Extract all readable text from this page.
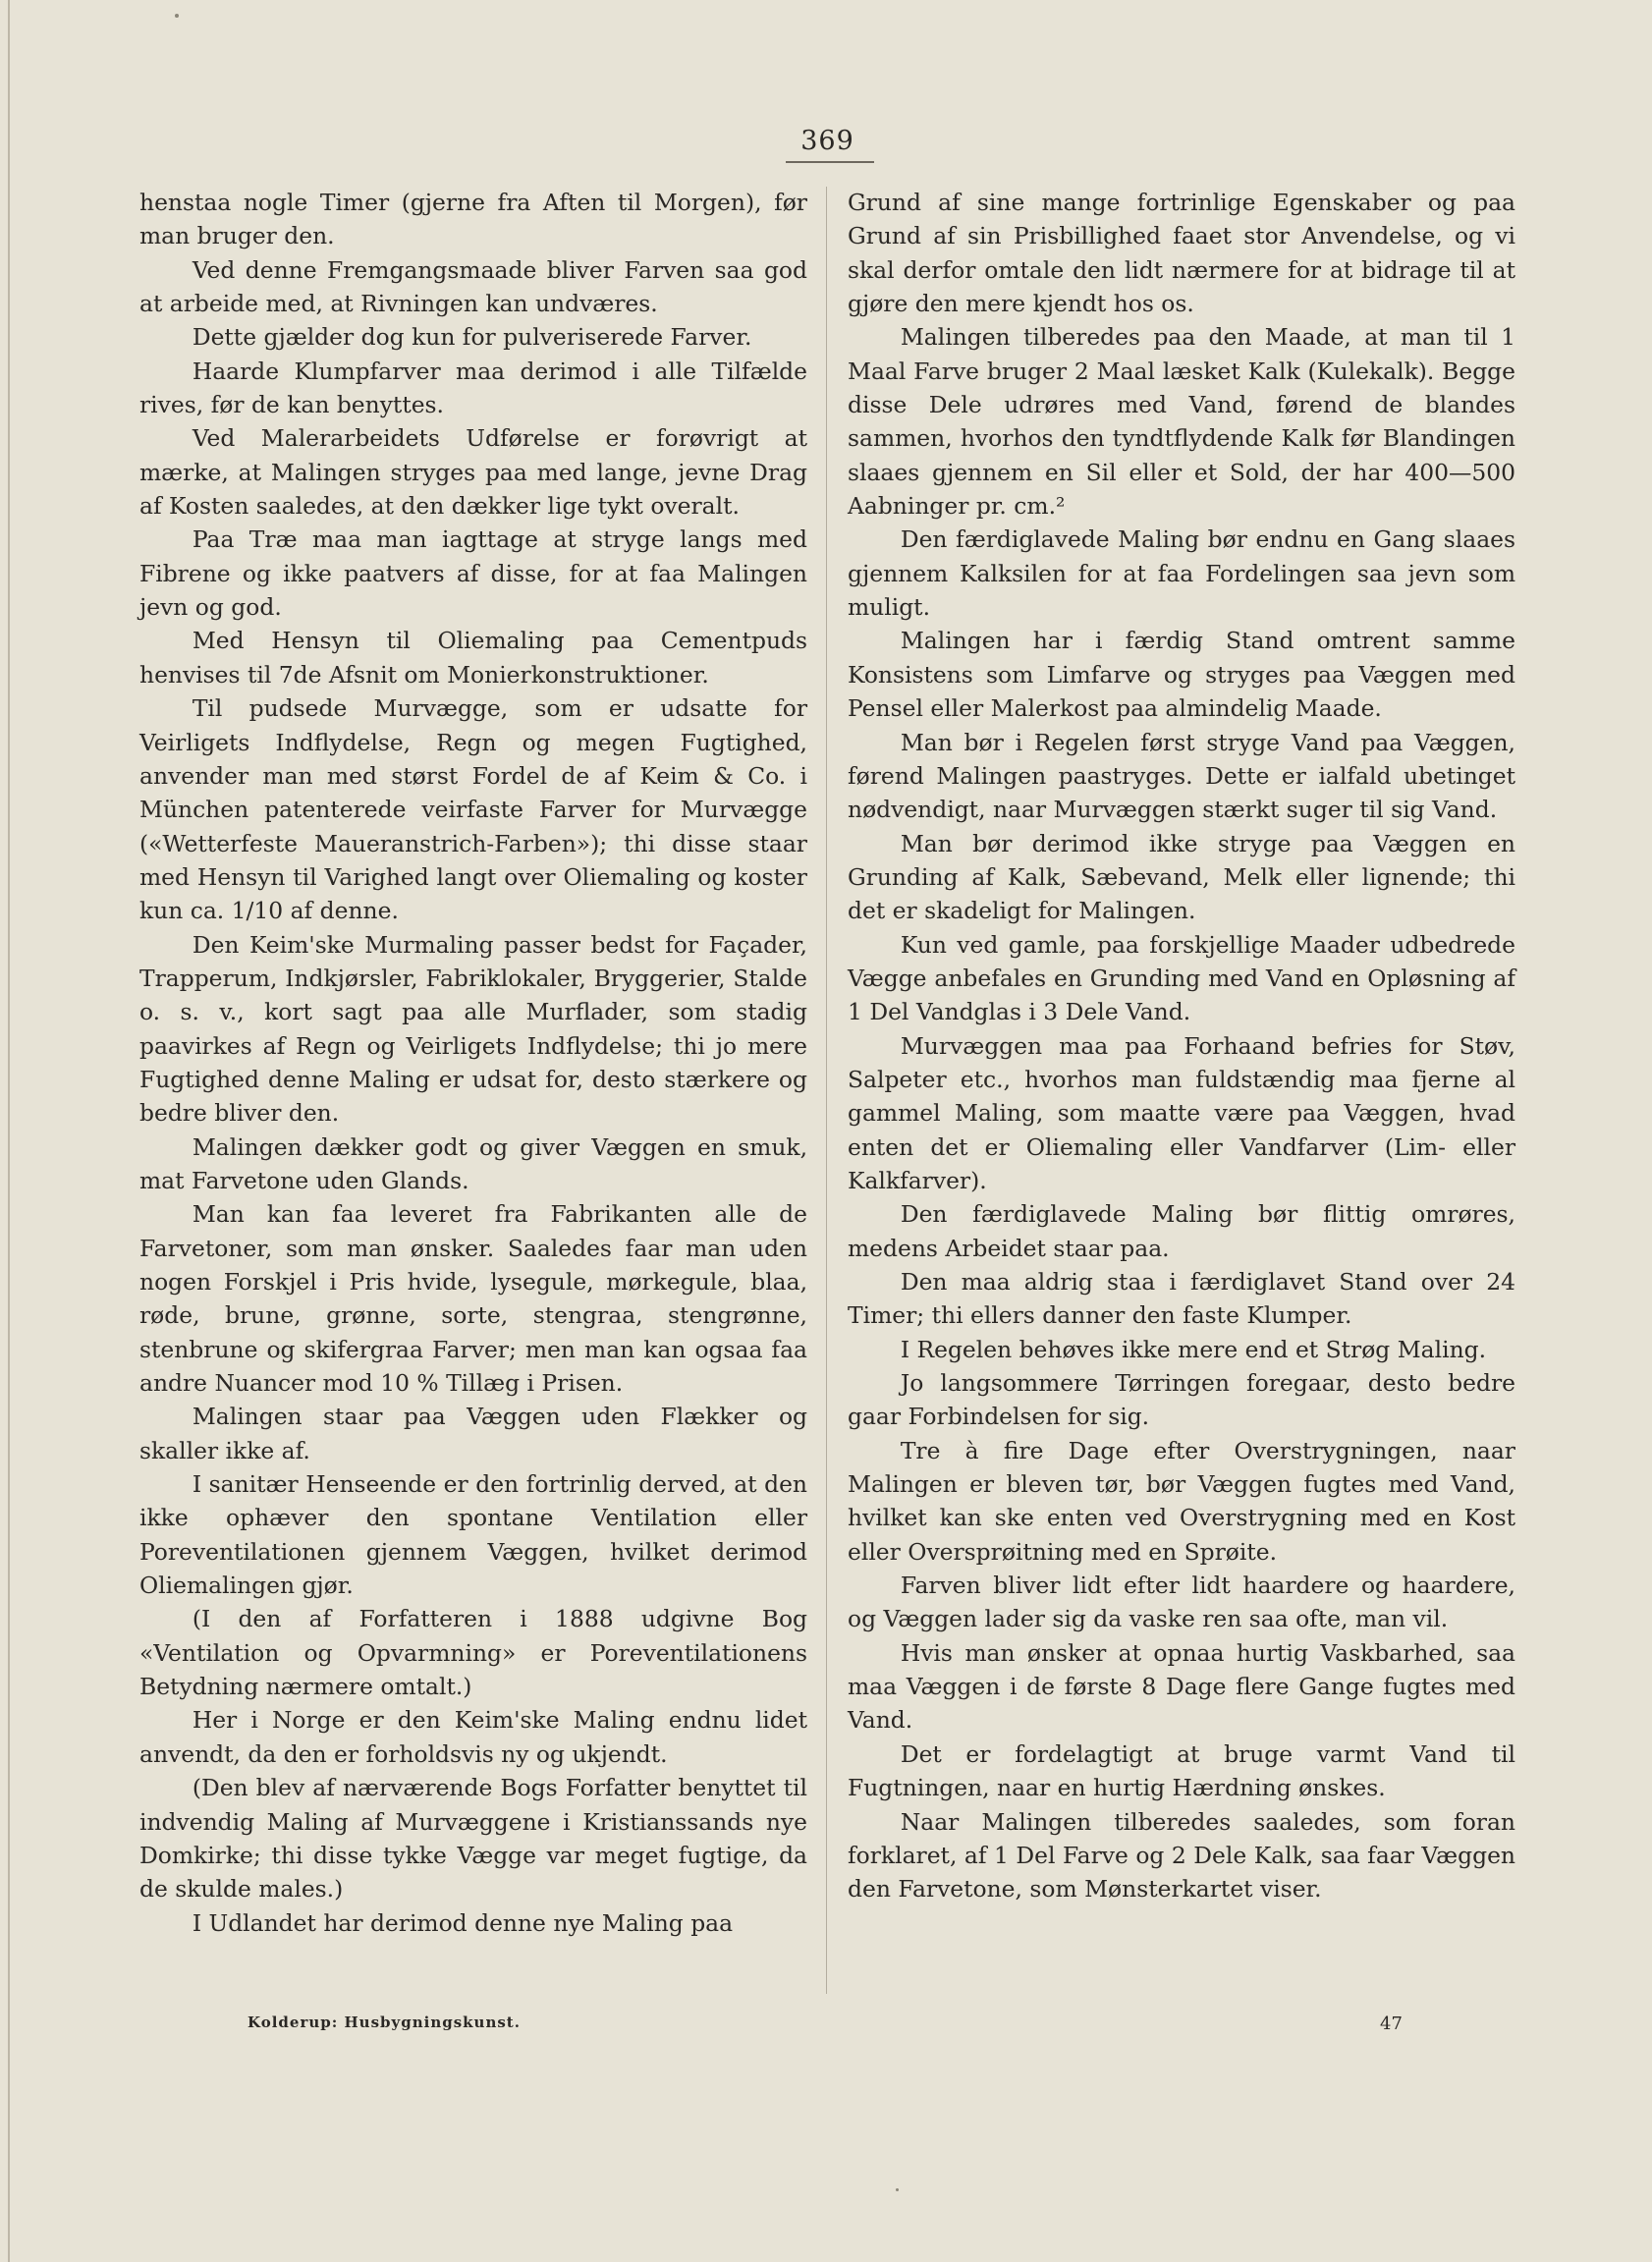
369

henstaa nogle Timer (gjerne fra Aften til Morgen), før man bruger den.

Ved denne Fremgangsmaade bliver Farven saa god at arbeide med, at Rivningen kan undværes.

Dette gjælder dog kun for pulveriserede Farver.

Haarde Klumpfarver maa derimod i alle Tilfælde rives, før de kan benyttes.

Ved Malerarbeidets Udførelse er forøvrigt at mærke, at Malingen stryges paa med lange, jevne Drag af Kosten saaledes, at den dækker lige tykt overalt.

Paa Træ maa man iagttage at stryge langs med Fibrene og ikke paatvers af disse, for at faa Malingen jevn og god.

Med Hensyn til Oliemaling paa Cementpuds henvises til 7de Afsnit om Monierkonstruktioner.

Til pudsede Murvægge, som er udsatte for Veirligets Indflydelse, Regn og megen Fugtighed, anvender man med størst Fordel de af Keim & Co. i München patenterede veirfaste Farver for Murvægge («Wetterfeste Maueranstrich-Farben»); thi disse staar med Hensyn til Varighed langt over Oliemaling og koster kun ca. 1/10 af denne.

Den Keim'ske Murmaling passer bedst for Façader, Trapperum, Indkjørsler, Fabriklokaler, Bryggerier, Stalde o. s. v., kort sagt paa alle Murflader, som stadig paavirkes af Regn og Veirligets Indflydelse; thi jo mere Fugtighed denne Maling er udsat for, desto stærkere og bedre bliver den.

Malingen dækker godt og giver Væggen en smuk, mat Farvetone uden Glands.

Man kan faa leveret fra Fabrikanten alle de Farvetoner, som man ønsker. Saaledes faar man uden nogen Forskjel i Pris hvide, lysegule, mørkegule, blaa, røde, brune, grønne, sorte, stengraa, stengrønne, stenbrune og skifergraa Farver; men man kan ogsaa faa andre Nuancer mod 10 % Tillæg i Prisen.

Malingen staar paa Væggen uden Flækker og skaller ikke af.

I sanitær Henseende er den fortrinlig derved, at den ikke ophæver den spontane Ventilation eller Poreventilationen gjennem Væggen, hvilket derimod Oliemalingen gjør.

(I den af Forfatteren i 1888 udgivne Bog «Ventilation og Opvarmning» er Poreventilationens Betydning nærmere omtalt.)

Her i Norge er den Keim'ske Maling endnu lidet anvendt, da den er forholdsvis ny og ukjendt.

(Den blev af nærværende Bogs Forfatter benyttet til indvendig Maling af Murvæggene i Kristianssands nye Domkirke; thi disse tykke Vægge var meget fugtige, da de skulde males.)

I Udlandet har derimod denne nye Maling paa

Grund af sine mange fortrinlige Egenskaber og paa Grund af sin Prisbillighed faaet stor Anvendelse, og vi skal derfor omtale den lidt nærmere for at bidrage til at gjøre den mere kjendt hos os.

Malingen tilberedes paa den Maade, at man til 1 Maal Farve bruger 2 Maal læsket Kalk (Kulekalk). Begge disse Dele udrøres med Vand, førend de blandes sammen, hvorhos den tyndtflydende Kalk før Blandingen slaaes gjennem en Sil eller et Sold, der har 400—500 Aabninger pr. cm.²

Den færdiglavede Maling bør endnu en Gang slaaes gjennem Kalksilen for at faa Fordelingen saa jevn som muligt.

Malingen har i færdig Stand omtrent samme Konsistens som Limfarve og stryges paa Væggen med Pensel eller Malerkost paa almindelig Maade.

Man bør i Regelen først stryge Vand paa Væggen, førend Malingen paastryges. Dette er ialfald ubetinget nødvendigt, naar Murvæggen stærkt suger til sig Vand.

Man bør derimod ikke stryge paa Væggen en Grunding af Kalk, Sæbevand, Melk eller lignende; thi det er skadeligt for Malingen.

Kun ved gamle, paa forskjellige Maader udbedrede Vægge anbefales en Grunding med Vand en Opløsning af 1 Del Vandglas i 3 Dele Vand.

Murvæggen maa paa Forhaand befries for Støv, Salpeter etc., hvorhos man fuldstændig maa fjerne al gammel Maling, som maatte være paa Væggen, hvad enten det er Oliemaling eller Vandfarver (Lim- eller Kalkfarver).

Den færdiglavede Maling bør flittig omrøres, medens Arbeidet staar paa.

Den maa aldrig staa i færdiglavet Stand over 24 Timer; thi ellers danner den faste Klumper.

I Regelen behøves ikke mere end et Strøg Maling.

Jo langsommere Tørringen foregaar, desto bedre gaar Forbindelsen for sig.

Tre à fire Dage efter Overstrygningen, naar Malingen er bleven tør, bør Væggen fugtes med Vand, hvilket kan ske enten ved Overstrygning med en Kost eller Oversprøitning med en Sprøite.

Farven bliver lidt efter lidt haardere og haardere, og Væggen lader sig da vaske ren saa ofte, man vil.

Hvis man ønsker at opnaa hurtig Vaskbarhed, saa maa Væggen i de første 8 Dage flere Gange fugtes med Vand.

Det er fordelagtigt at bruge varmt Vand til Fugtningen, naar en hurtig Hærdning ønskes.

Naar Malingen tilberedes saaledes, som foran forklaret, af 1 Del Farve og 2 Dele Kalk, saa faar Væggen den Farvetone, som Mønsterkartet viser.

Kolderup: Husbygningskunst.	47
